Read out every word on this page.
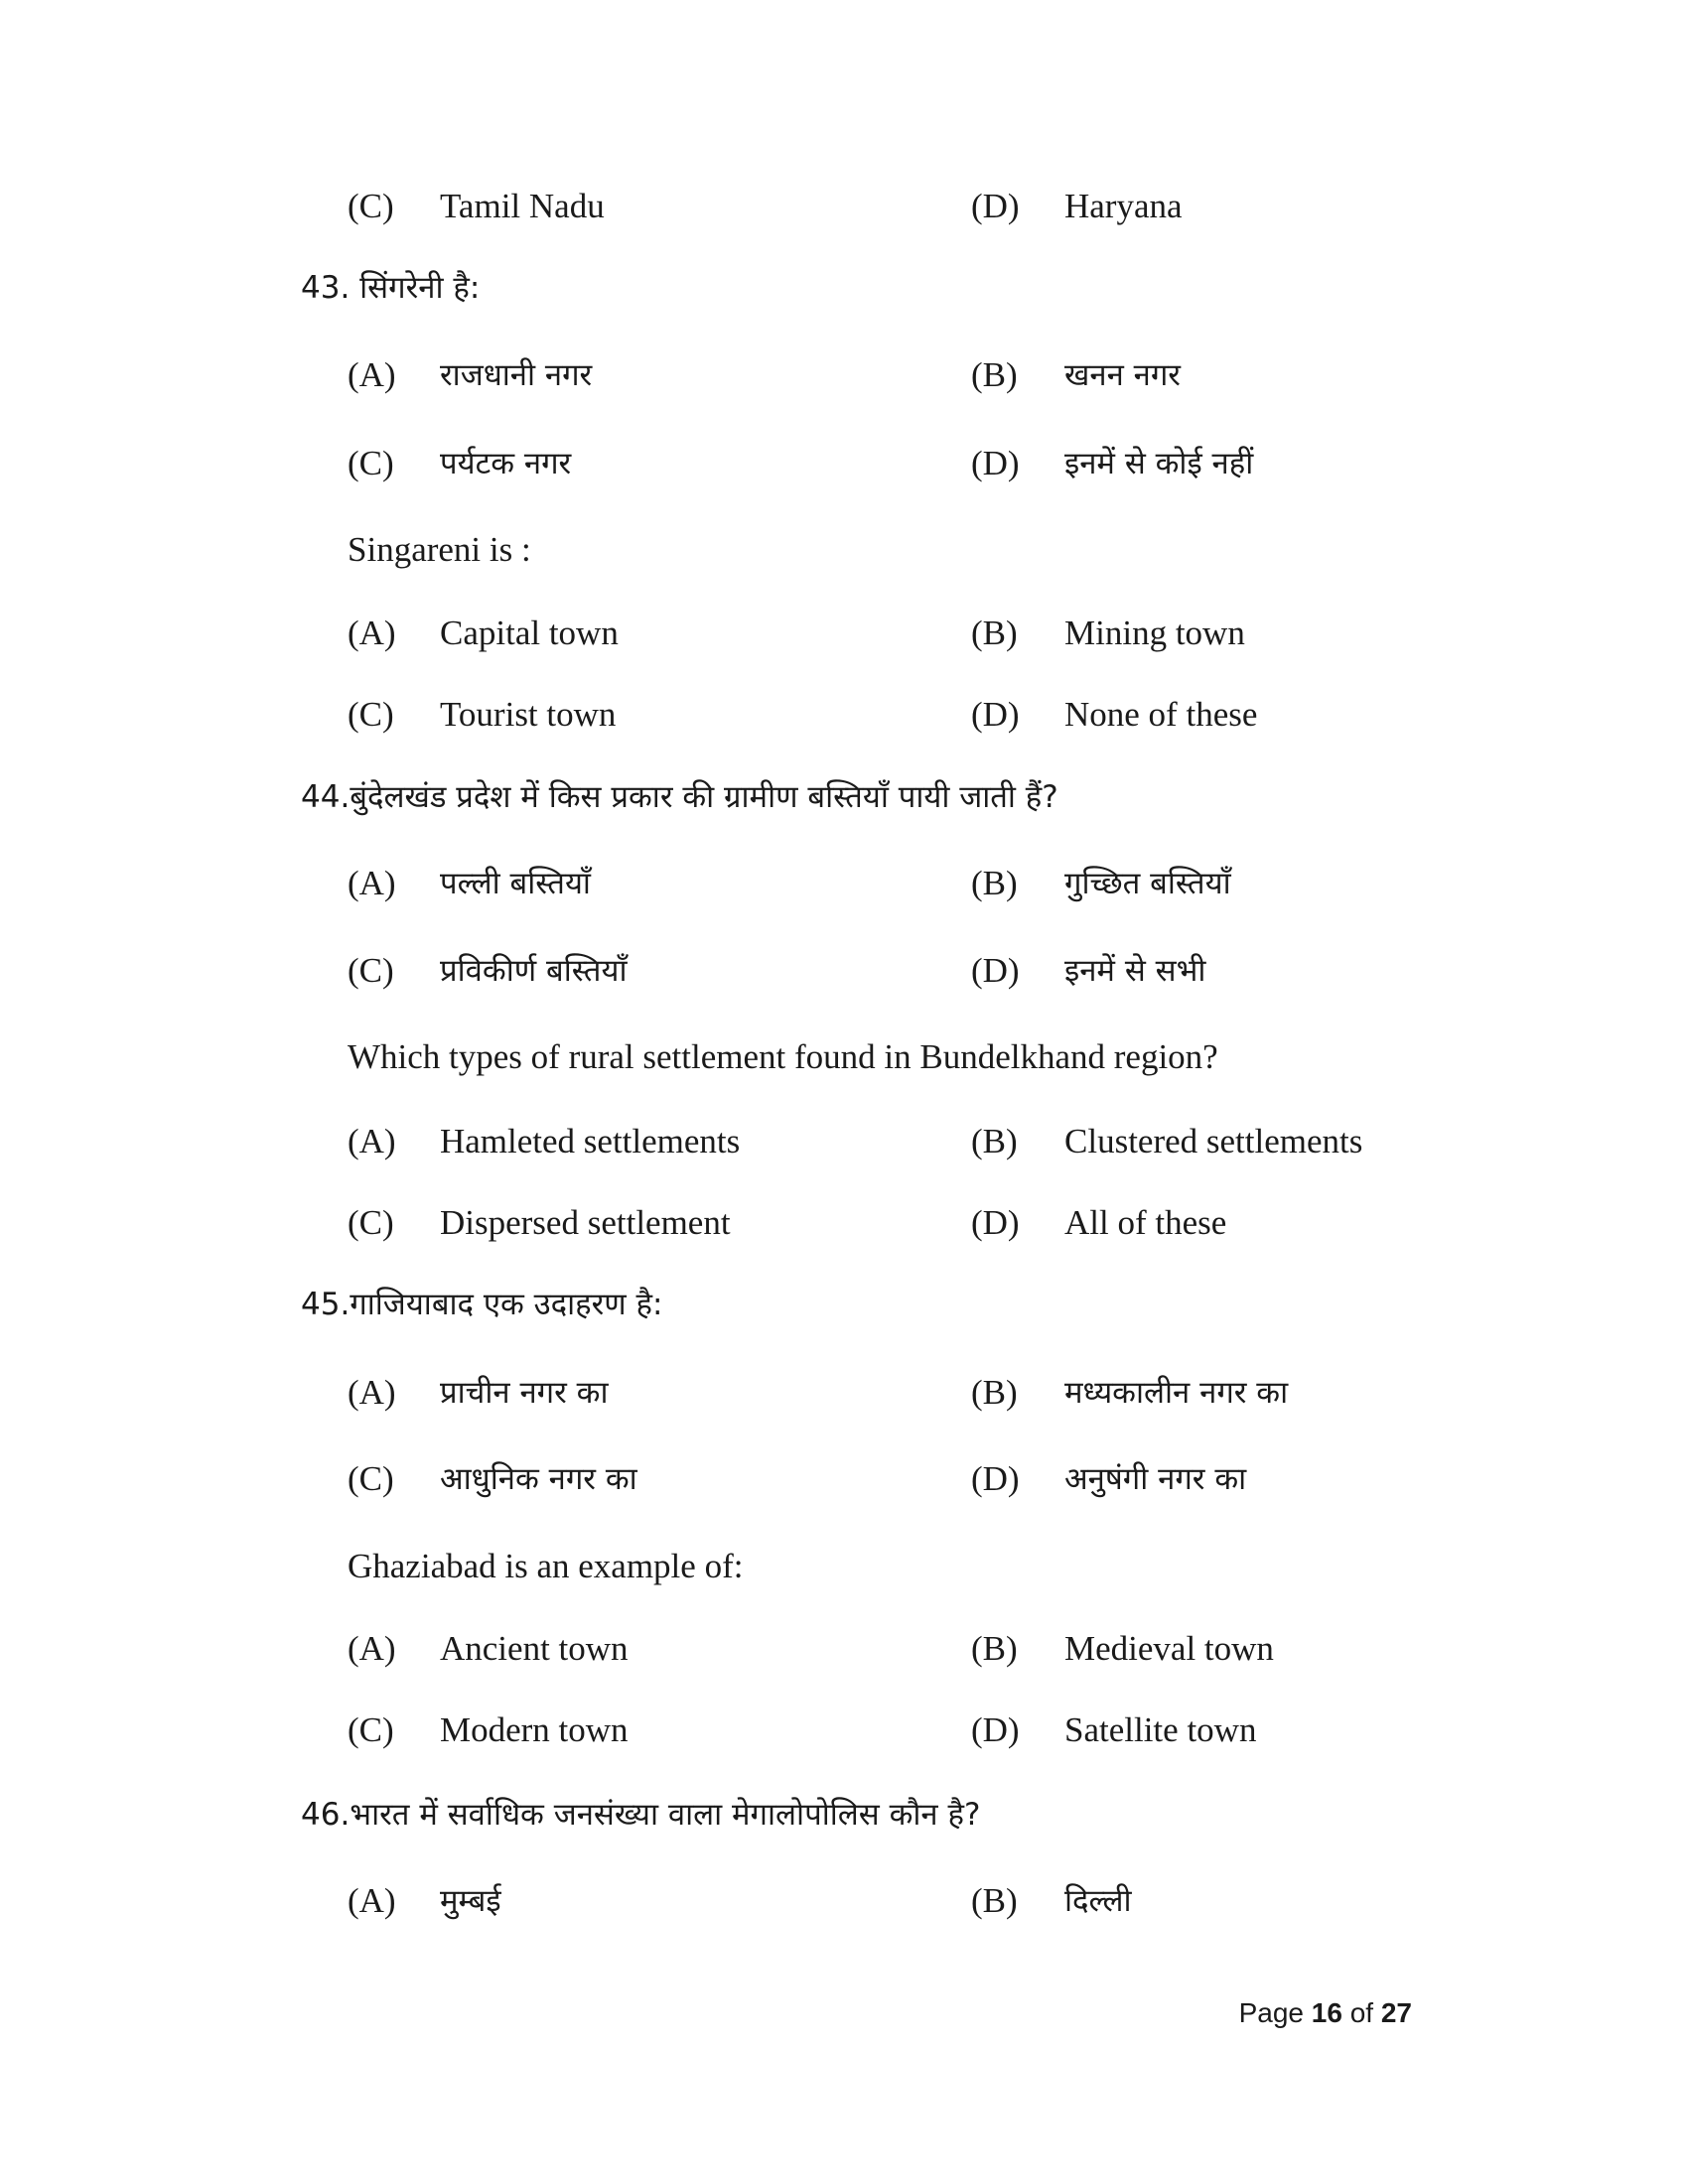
(C) Tamil Nadu	(D) Haryana
43. सिंगरेनी है:
(A) राजधानी नगर	(B) खनन नगर
(C) पर्यटक नगर	(D) इनमें से कोई नहीं
Singareni is :
(A) Capital town	(B) Mining town
(C) Tourist town	(D) None of these
44.बुंदेलखंड प्रदेश में किस प्रकार की ग्रामीण बस्तियाँ पायी जाती हैं?
(A) पल्ली बस्तियाँ	(B) गुच्छित बस्तियाँ
(C) प्रविकीर्ण बस्तियाँ	(D) इनमें से सभी
Which types of rural settlement found in Bundelkhand region?
(A) Hamleted settlements	(B) Clustered settlements
(C) Dispersed settlement	(D) All of these
45.गाजियाबाद एक उदाहरण है:
(A) प्राचीन नगर का	(B) मध्यकालीन नगर का
(C) आधुनिक नगर का	(D) अनुषंगी नगर का
Ghaziabad is an example of:
(A) Ancient town	(B) Medieval town
(C) Modern town	(D) Satellite town
46.भारत में सर्वाधिक जनसंख्या वाला मेगालोपोलिस कौन है?
(A) मुम्बई	(B) दिल्ली
Page 16 of 27
